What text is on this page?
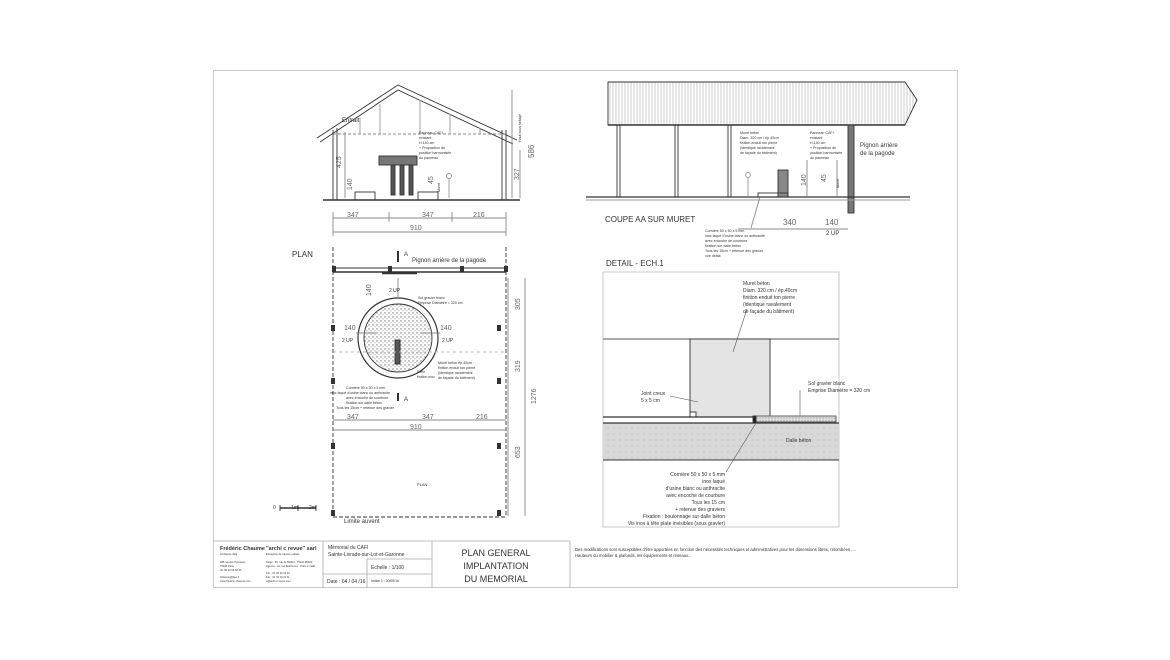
Entrait
Panneau CAFI
existant
H.140 cm
+ Proposition de
position harmonisée
du panneau
425
140	45
Muret
586
Haut sous faîtage
327
347	347	216
910
Muret béton
Diam. 320 cm / ép.40cm
finition enduit ton pierre
(identique ravalement
de façade du bâtiment)
Panneau CAFI
existant
H.140 cm
+ Proposition de
position harmonisée
du panneau
140 45
Muret
Pignon arrière
de la pagode
COUPE AA SUR MURET
Cornière 50 x 50 x 5 mm
inox laqué d'usine blanc ou anthracite
avec encoche de courbure
fixation sur dalle béton
Tous les 15cm + retenue des gravier
voir détail
340	140
2 UP
PLAN
Pignon arrière de la pagode
A
A
2 UP
2 UP	2 UP
140
140	140
Sol gravier blanc
Emprise Diamètre = 320 cm
Muret béton ép.40cm
finition enduit ton pierre
(identique ravalement
de façade du bâtiment)
Stèle
finition inox
Cornière 50 x 50 x 5 mm
inox laqué d'usine blanc ou anthracite
avec encoche de courbure
fixation sur dalle béton
Tous les 15cm + retenue des gravier
305
319
1276
653
347	347	216
910
PLAN
0	1m 2m
Limite auvent
DETAIL - ECH.1
Muret béton
Diam. 320 cm / ép.40cm
finition enduit ton pierre
(identique ravalement
de façade du bâtiment)
Joint creux
5 x 5 cm
Sol gravier blanc
Emprise Diamètre = 320 cm
Dalle béton
Cornière 50 x 50 x 5 mm
inox laqué
d'usine blanc ou anthracite
avec encoche de courbure
Tous les 15 cm
+ retenue des graviers
Fixation : boulonnage sur dalle béton
Vis inox à tête plate invisibles (sous gravier)
Frédéric Chaume
Architecte dplg
385 rue des Pyrénées
75020 Paris
tél. 06 10 56 56 56
fchaume@free.fr
www.frederic-chaume.com
"archi c revue" sarl
Entreprise de travaux publics
Siège : 56, rue de Belfort · 75011 PARIS
Agence : 2a, rue Beethoven · Paris 2 mails
Tél. : 01 43 10 10 10
Fax : 01 43 10 10 11
a@archi-c-revue.com
Mémorial du CAFI
Sainte-Livrade-sur-Lot-et-Garonne
Echelle : 1/100
Date : 04 / 04 /16 Indice 1 : 30/05/16
PLAN GENERAL
IMPLANTATION
DU MEMORIAL
Des modifications sont susceptibles d'être apportées en fonction des nécessités techniques et administratives pour les dimensions libres, retombées ....
Hauteurs du mobilier & plafonds, les équipements et réseaux...
